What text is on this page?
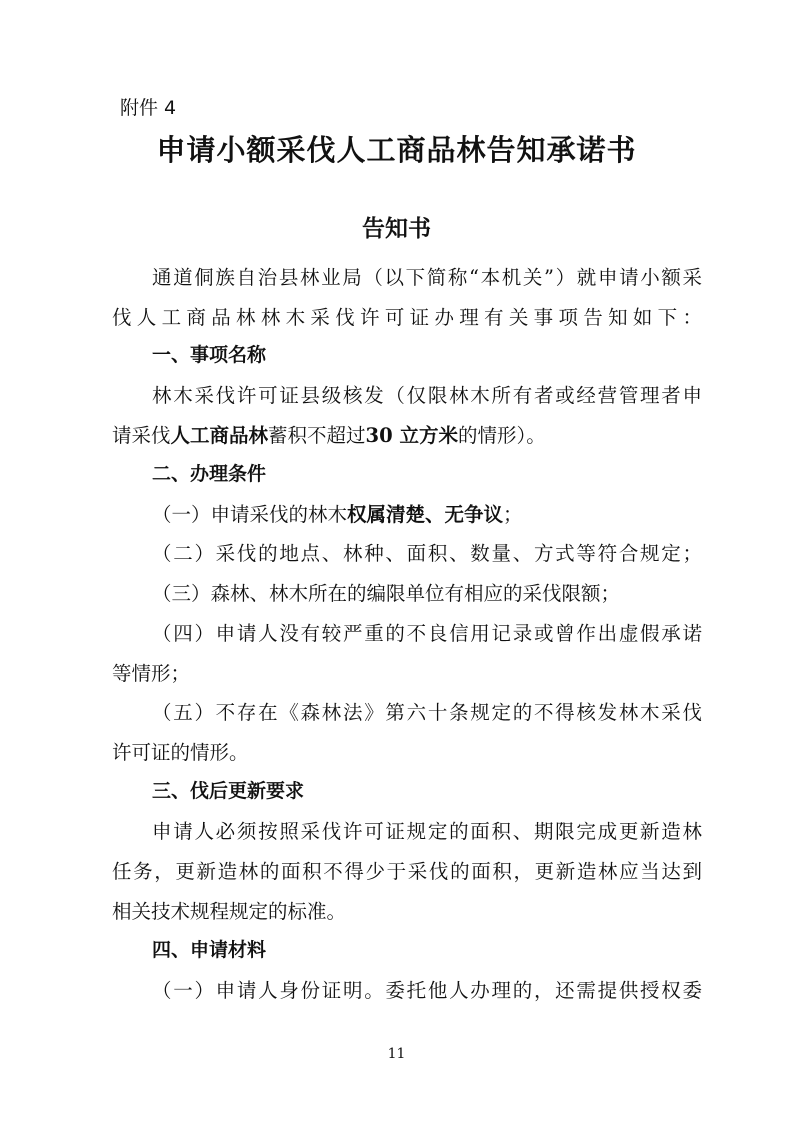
附件 4
申请小额采伐人工商品林告知承诺书
告知书
通道侗族自治县林业局（以下简称“本机关”）就申请小额采
伐人工商品林林木采伐许可证办理有关事项告知如下：
一、事项名称
林木采伐许可证县级核发（仅限林木所有者或经营管理者申
请采伐人工商品林蓄积不超过30 立方米的情形）。
二、办理条件
（一）申请采伐的林木权属清楚、无争议；
（二）采伐的地点、林种、面积、数量、方式等符合规定；
（三）森林、林木所在的编限单位有相应的采伐限额；
（四）申请人没有较严重的不良信用记录或曾作出虚假承诺
等情形；
（五）不存在《森林法》第六十条规定的不得核发林木采伐
许可证的情形。
三、伐后更新要求
申请人必须按照采伐许可证规定的面积、期限完成更新造林
任务，更新造林的面积不得少于采伐的面积，更新造林应当达到
相关技术规程规定的标准。
四、申请材料
（一）申请人身份证明。委托他人办理的，还需提供授权委
11
